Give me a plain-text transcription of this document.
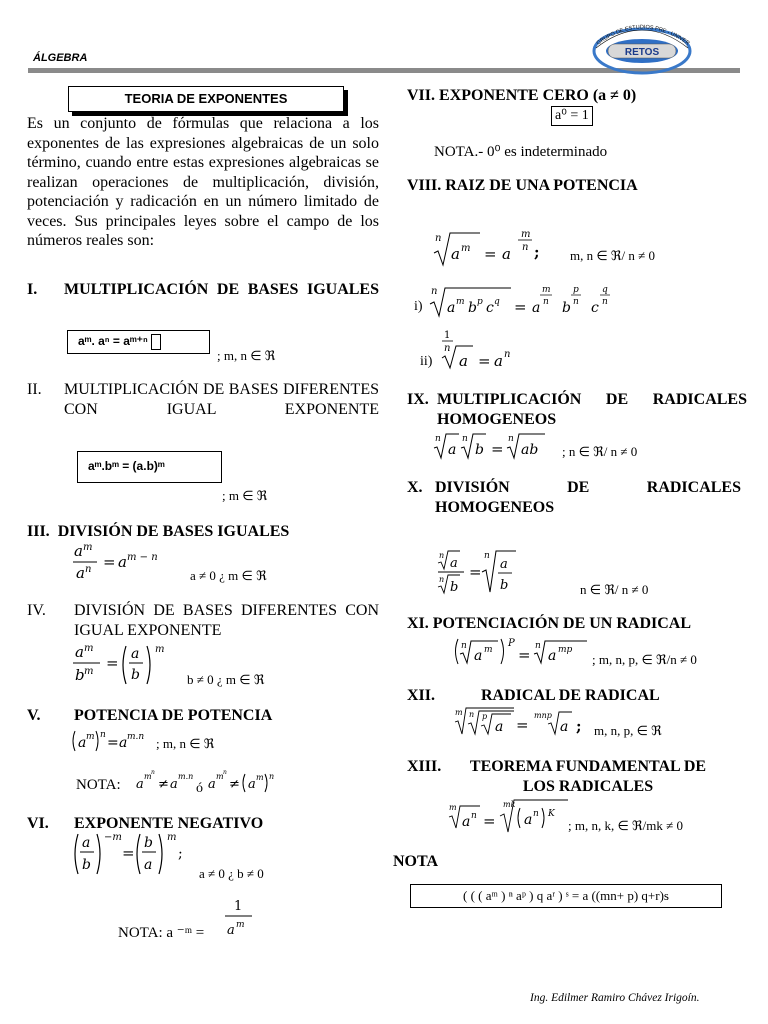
ÁLGEBRA	RETOS
GRUPO DE ESTUDIOS PRE - UNIVER
TEORIA DE EXPONENTES
Es un conjunto de fórmulas que relaciona a los exponentes de las expresiones algebraicas de un solo término, cuando entre estas expresiones algebraicas se realizan operaciones de multiplicación, división, potenciación y radicación en un número limitado de veces. Sus principales leyes sobre el campo de los números reales son:
I. MULTIPLICACIÓN DE BASES IGUALES
aᵐ. aⁿ = aᵐ⁺ⁿ
; m, n ∈ ℜ
II. MULTIPLICACIÓN DE BASES DIFERENTES CON IGUAL EXPONENTE
aᵐ.bᵐ = (a.b)ᵐ
; m ∈ ℜ
III. DIVISIÓN DE BASES IGUALES
a m
a n = a m − n
a ≠ 0 ¿ m ∈ ℜ
IV. DIVISIÓN DE BASES DIFERENTES CON IGUAL EXPONENTE
a m
b m = a
b
m
b ≠ 0 ¿ m ∈ ℜ
V. POTENCIA DE POTENCIA
a m n = a m.n ; m, n ∈ ℜ
NOTA: a
m n
≠ a
m.n
ó a
m n
≠ a m n
VI. EXPONENTE NEGATIVO
a
b
−m
=
b
a
m
;
a ≠ 0 ¿ b ≠ 0
NOTA: a ⁻ᵐ =
1
a m
VII. EXPONENTE CERO (a ≠ 0)
a⁰ = 1
NOTA.- 0⁰ es indeterminado
VIII. RAIZ DE UNA POTENCIA
n
a m = a
m
n ; m, n ∈ ℜ/ n ≠ 0
i)
n
a m b p c q = a
m
n b
p
n c
q
n
ii)
1
n
a = a n
IX. MULTIPLICACIÓN DE RADICALES HOMOGENEOS
n
a
n
b =
n
ab ; n ∈ ℜ/ n ≠ 0
X. DIVISIÓN DE RADICALES HOMOGENEOS
n
a
n
b
=
n
a
b	n ∈ ℜ/ n ≠ 0
XI. POTENCIACIÓN DE UN RADICAL
n
a m
P
= n
a mp
; m, n, p, ∈ ℜ/n ≠ 0
XII.	RADICAL DE RADICAL
m n p
a =
mnp
a ; m, n, p, ∈ ℜ
XIII.	TEOREMA FUNDAMENTAL DE LOS RADICALES
m
a n =
mk
a n K
; m, n, k, ∈ ℜ/mk ≠ 0
NOTA
( ( ( aᵐ ) ⁿ aᵖ ) q aʳ ) ˢ = a ((mn+ p) q+r)s
Ing. Edilmer Ramiro Chávez Irigoín.
